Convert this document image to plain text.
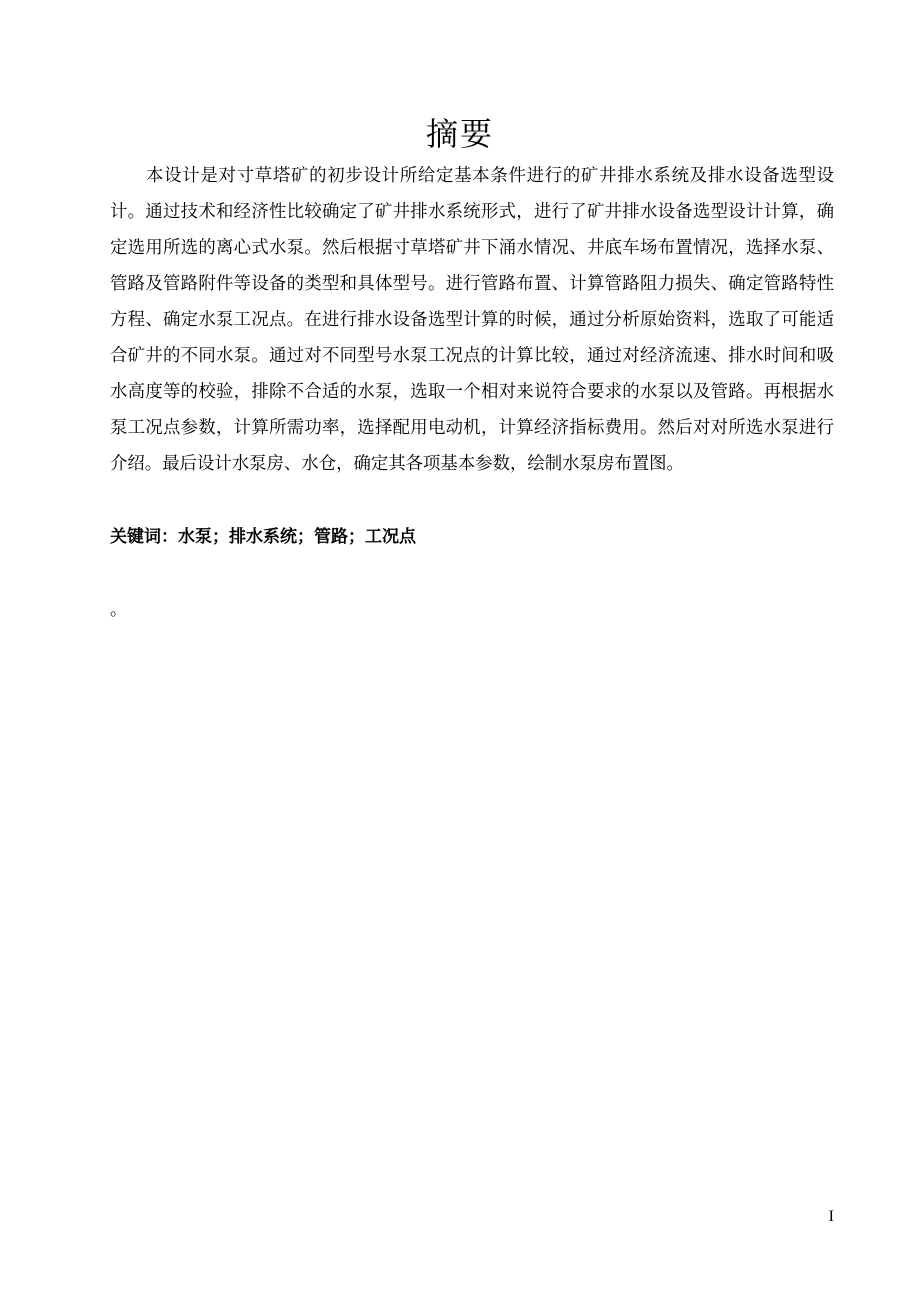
摘要

本设计是对寸草塔矿的初步设计所给定基本条件进行的矿井排水系统及排水设备选型设计。通过技术和经济性比较确定了矿井排水系统形式，进行了矿井排水设备选型设计计算，确定选用所选的离心式水泵。然后根据寸草塔矿井下涌水情况、井底车场布置情况，选择水泵、管路及管路附件等设备的类型和具体型号。进行管路布置、计算管路阻力损失、确定管路特性方程、确定水泵工况点。在进行排水设备选型计算的时候，通过分析原始资料，选取了可能适合矿井的不同水泵。通过对不同型号水泵工况点的计算比较，通过对经济流速、排水时间和吸水高度等的校验，排除不合适的水泵，选取一个相对来说符合要求的水泵以及管路。再根据水泵工况点参数，计算所需功率，选择配用电动机，计算经济指标费用。然后对对所选水泵进行介绍。最后设计水泵房、水仓，确定其各项基本参数，绘制水泵房布置图。

关键词：水泵；排水系统；管路；工况点
。
I
